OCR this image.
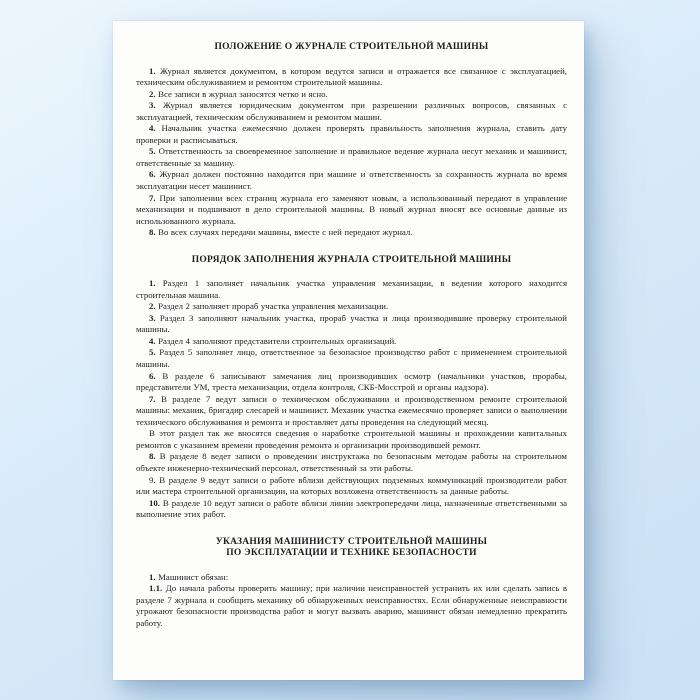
ПОЛОЖЕНИЕ О ЖУРНАЛЕ СТРОИТЕЛЬНОЙ МАШИНЫ

1. Журнал является документом, в котором ведутся записи и отражается все связанное с эксплуатацией, техническим обслуживанием и ремонтом строительной машины.

2. Все записи в журнал заносятся четко и ясно.

3. Журнал является юридическим документом при разрешении различных вопросов, связанных с эксплуатацией, техническим обслуживанием и ремонтом машин.

4. Начальник участка ежемесячно должен проверять правильность заполнения журнала, ставить дату проверки и расписываться.

5. Ответственность за своевременное заполнение и правильное ведение журнала несут механик и машинист, ответственные за машину.

6. Журнал должен постоянно находится при машине и ответственность за сохранность журнала во время эксплуатации несет машинист.

7. При заполнении всех страниц журнала его заменяют новым, а использованный передают в управление механизации и подшивают в дело строительной машины. В новый журнал вносят все основные данные из использованного журнала.

8. Во всех случаях передачи машины, вместе с ней передают журнал.

ПОРЯДОК ЗАПОЛНЕНИЯ ЖУРНАЛА СТРОИТЕЛЬНОЙ МАШИНЫ

1. Раздел 1 заполняет начальник участка управления механизации, в ведении которого находится строительная машина.

2. Раздел 2 заполняет прораб участка управления механизации.

3. Раздел 3 заполняют начальник участка, прораб участка и лица производившие проверку строительной машины.

4. Раздел 4 заполняют представители строительных организаций.

5. Раздел 5 заполняет лицо, ответственное за безопасное производство работ с применением строительной машины.

6. В разделе 6 записывают замечания лиц производивших осмотр (начальники участков, прорабы, представители УМ, треста механизации, отдела контроля, СКБ-Мосстрой и органы надзора).

7. В разделе 7 ведут записи о техническом обслуживании и производственном ремонте строительной машины: механик, бригадир слесарей и машинист. Механик участка ежемесячно проверяет записи о выполнении технического обслуживания и ремонта и проставляет даты проведения на следующий месяц.

В этот раздел так же вносятся сведения о наработке строительной машины и прохождении капитальных ремонтов с указанием времени проведения ремонта и организации производившей ремонт.

8. В разделе 8 ведет записи о проведении инструктажа по безопасным методам работы на строительном объекте инженерно-технический персонал, ответственный за эти работы.

9. В разделе 9 ведут записи о работе вблизи действующих подземных коммуникаций производители работ или мастера строительной организации, на которых возложена ответственность за данные работы.

10. В разделе 10 ведут записи о работе вблизи линии электропередачи лица, назначенные ответственными за выполнение этих работ.

УКАЗАНИЯ МАШИНИСТУ СТРОИТЕЛЬНОЙ МАШИНЫ
ПО ЭКСПЛУАТАЦИИ И ТЕХНИКЕ БЕЗОПАСНОСТИ

1. Машинист обязан:

1.1. До начала работы проверить машину; при наличии неисправностей устранить их или сделать запись в разделе 7 журнала и сообщить механику об обнаруженных неисправностях. Если обнаруженные неисправности угрожают безопасности производства работ и могут вызвать аварию, машинист обязан немедленно прекратить работу.
